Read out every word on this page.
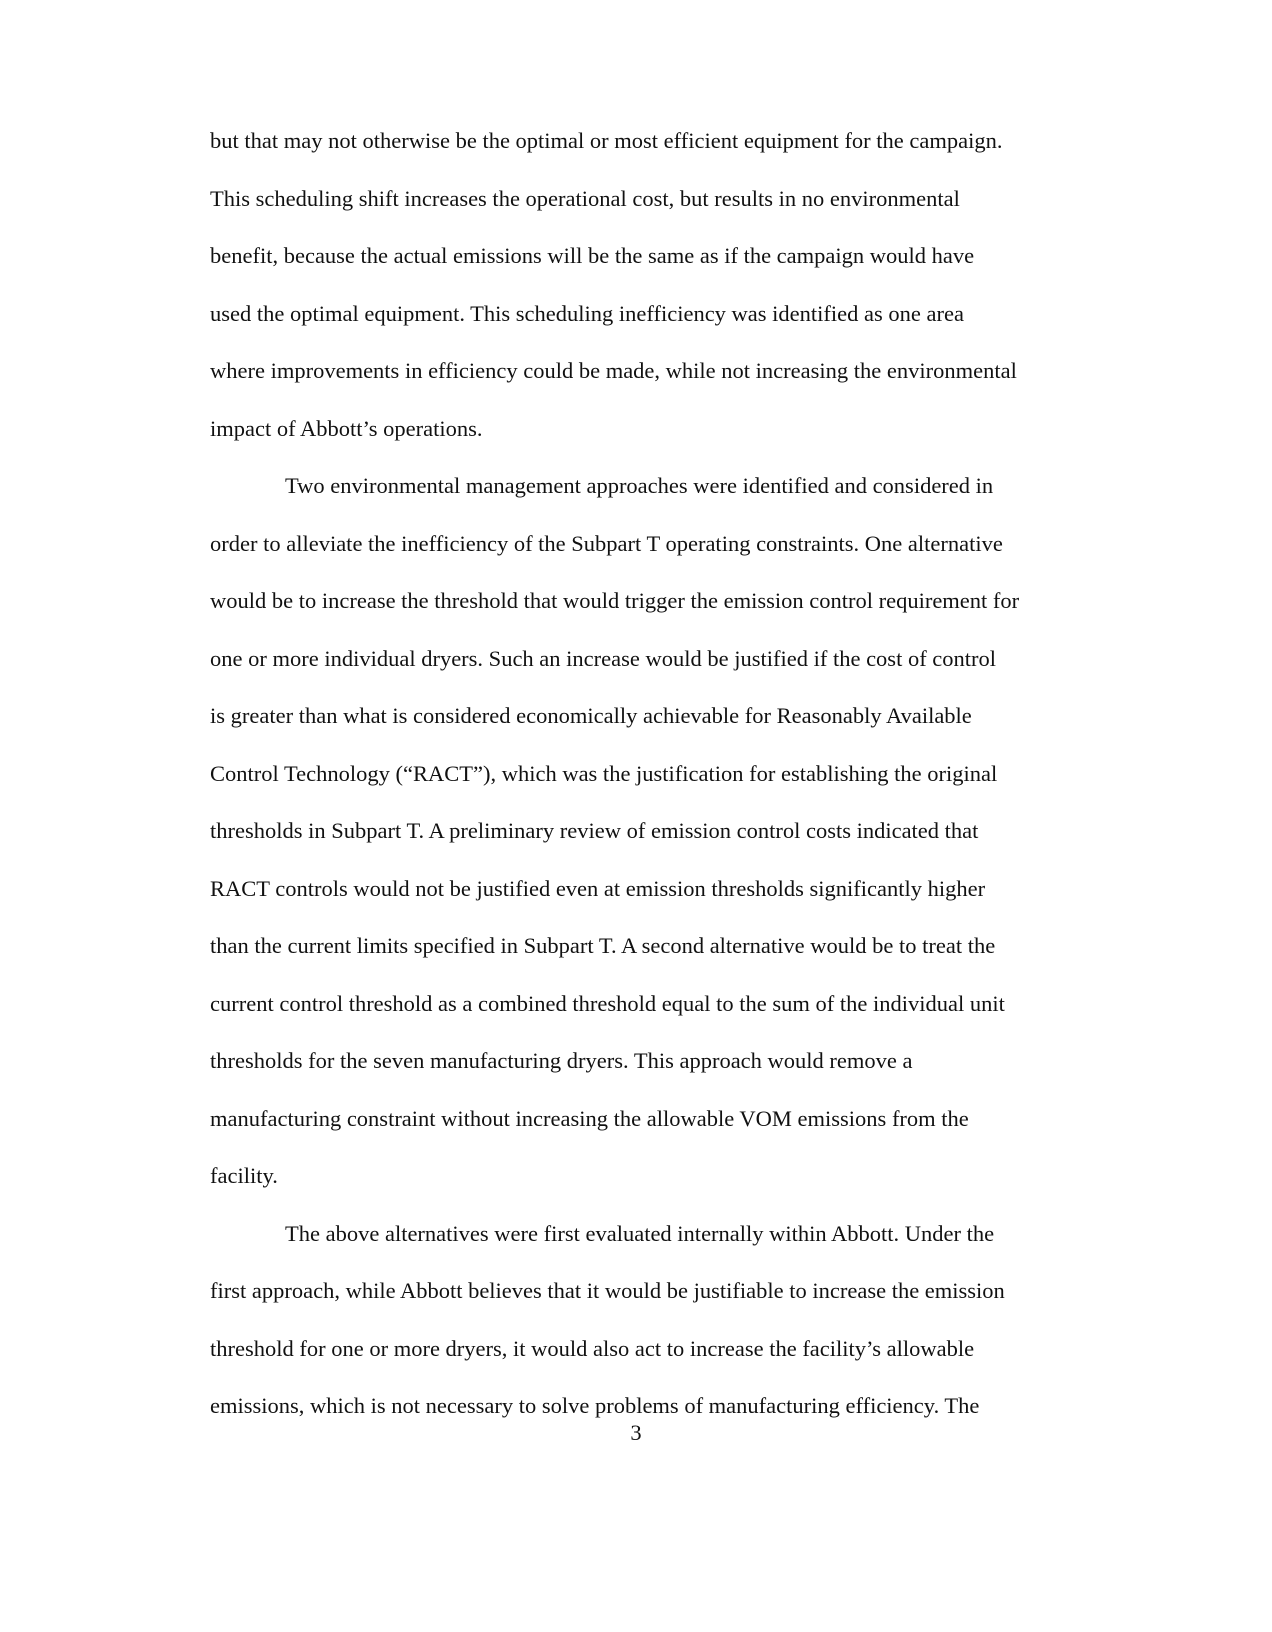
but that may not otherwise be the optimal or most efficient equipment for the campaign.
This scheduling shift increases the operational cost, but results in no environmental
benefit, because the actual emissions will be the same as if the campaign would have
used the optimal equipment. This scheduling inefficiency was identified as one area
where improvements in efficiency could be made, while not increasing the environmental
impact of Abbott’s operations.
Two environmental management approaches were identified and considered in
order to alleviate the inefficiency of the Subpart T operating constraints. One alternative
would be to increase the threshold that would trigger the emission control requirement for
one or more individual dryers. Such an increase would be justified if the cost of control
is greater than what is considered economically achievable for Reasonably Available
Control Technology (“RACT”), which was the justification for establishing the original
thresholds in Subpart T. A preliminary review of emission control costs indicated that
RACT controls would not be justified even at emission thresholds significantly higher
than the current limits specified in Subpart T. A second alternative would be to treat the
current control threshold as a combined threshold equal to the sum of the individual unit
thresholds for the seven manufacturing dryers. This approach would remove a
manufacturing constraint without increasing the allowable VOM emissions from the
facility.
The above alternatives were first evaluated internally within Abbott. Under the
first approach, while Abbott believes that it would be justifiable to increase the emission
threshold for one or more dryers, it would also act to increase the facility’s allowable
emissions, which is not necessary to solve problems of manufacturing efficiency. The
3
